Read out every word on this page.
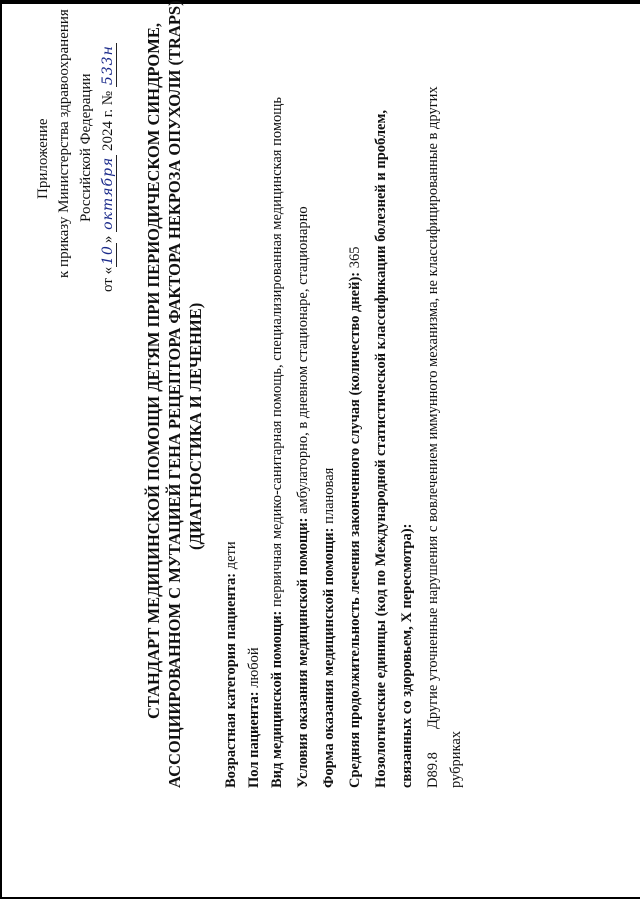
Приложение к приказу Министерства здравоохранения Российской Федерации
от «10» октября 2024 г. № 533н СТАНДАРТ МЕДИЦИНСКОЙ ПОМОЩИ ДЕТЯМ ПРИ ПЕРИОДИЧЕСКОМ СИНДРОМЕ, АССОЦИИРОВАННОМ С МУТАЦИЕЙ ГЕНА РЕЦЕПТОРА ФАКТОРА НЕКРОЗА ОПУХОЛИ (TRAPS) (ДИАГНОСТИКА И ЛЕЧЕНИЕ)
Возрастная категория пациента: дети
Пол пациента: любой Вид медицинской помощи: первичная медико-санитарная помощь, специализированная медицинская помощь
Условия оказания медицинской помощи: амбулаторно, в дневном стационаре, стационарно
Форма оказания медицинской помощи: плановая Средняя продолжительность лечения законченного случая (количество дней): 365 Нозологические единицы (код по Международной статистической классификации болезней и проблем, связанных со здоровьем, X пересмотра): D89.8
Другие уточненные нарушения с вовлечением иммунного механизма, не классифицированные в других
рубриках
